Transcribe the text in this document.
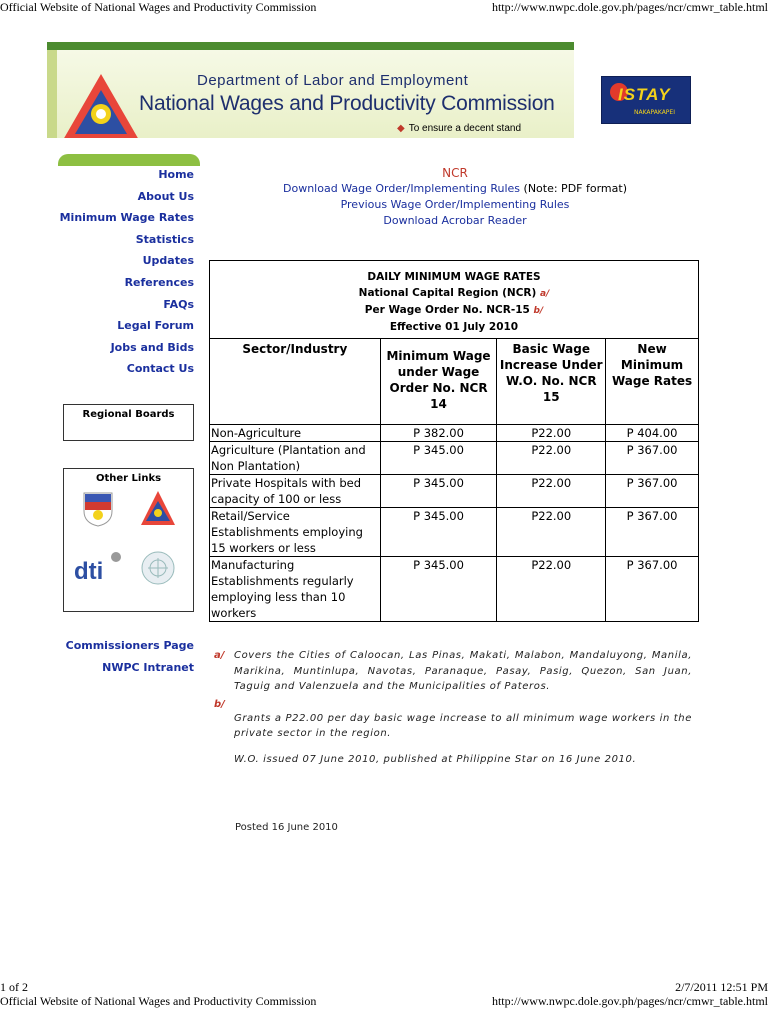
Official Website of National Wages and Productivity Commission	http://www.nwpc.dole.gov.ph/pages/ncr/cmwr_table.html
Department of Labor and Employment
National Wages and Productivity Commission
◆ To ensure a decent stand
ISTAY
NAKAPAKAPEI
Home
About Us
Minimum Wage Rates
Statistics
Updates
References
FAQs
Legal Forum
Jobs and Bids
Contact Us
Regional Boards
Other Links
dti
Commissioners Page
NWPC Intranet
NCR
Download Wage Order/Implementing Rules (Note: PDF format)
Previous Wage Order/Implementing Rules
Download Acrobar Reader
DAILY MINIMUM WAGE RATES
National Capital Region (NCR) a/
Per Wage Order No. NCR-15 b/
Effective 01 July 2010			

Sector/Industry	Minimum Wage under Wage Order No. NCR 14	Basic Wage Increase Under W.O. No. NCR 15	New Minimum Wage Rates
Non-Agriculture	P 382.00	P22.00	P 404.00
Agriculture (Plantation and Non Plantation)	P 345.00	P22.00	P 367.00
Private Hospitals with bed capacity of 100 or less	P 345.00	P22.00	P 367.00
Retail/Service Establishments employing 15 workers or less	P 345.00	P22.00	P 367.00
Manufacturing Establishments regularly employing less than 10 workers	P 345.00	P22.00	P 367.00
a/ Covers the Cities of Caloocan, Las Pinas, Makati, Malabon, Mandaluyong, Manila, Marikina, Muntinlupa, Navotas, Paranaque, Pasay, Pasig, Quezon, San Juan, Taguig and Valenzuela and the Municipalities of Pateros.
b/
Grants a P22.00 per day basic wage increase to all minimum wage workers in the private sector in the region.
W.O. issued 07 June 2010, published at Philippine Star on 16 June 2010.
Posted 16 June 2010
1 of 2	2/7/2011 12:51 PM
Official Website of National Wages and Productivity Commission	http://www.nwpc.dole.gov.ph/pages/ncr/cmwr_table.html
